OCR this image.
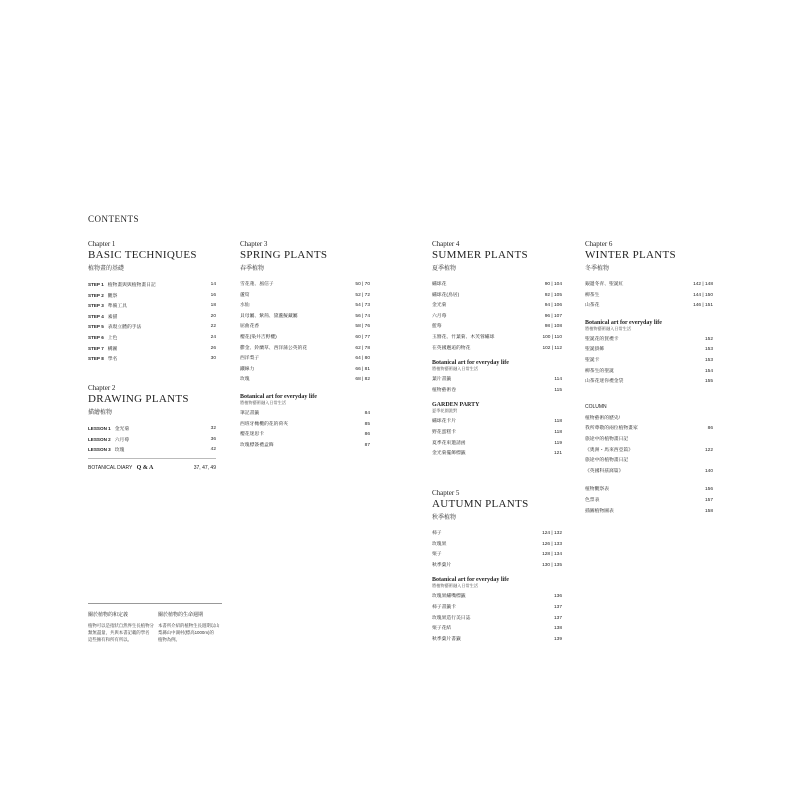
CONTENTS
Chapter 1
BASIC TECHNIQUES
植物畫的基礎
STEP 1 植物畫與與植物畫日記	14
STEP 2 觀察	16
STEP 3 準備工具	18
STEP 4 素描	20
STEP 5 表現立體的手法	22
STEP 6 上色	24
STEP 7 構圖	26
STEP 8 學名	30
Chapter 2
DRAWING PLANTS
描繪植物
LESSON 1 金光菊	32
LESSON 2 六月莓	36
LESSON 3 玫瑰	42
BOTANICAL DIARY Q & A	37, 47, 49
Chapter 3
SPRING PLANTS
春季植物
雪花蓮、風信子	50 | 70
蘆筍	52 | 72
水仙	54 | 73
貝母屬、紫荊、黛蘆擬藏屬	56 | 74
屈曲花香	58 | 76
櫻花(染井吉野櫻)	60 | 77
鬱金、鈴蘭草、西洋蒲公英的花	62 | 78
西洋梨子	64 | 80
鐵線力	66 | 81
玫瑰	68 | 82
Botanical art for everyday life
將植物藝術融入日常生活
筆記書籤	84
西班牙橄欖的花的荷夾	85
櫻花迷思卡	86
玫瑰標簽禮盒飾	87
Chapter 4
SUMMER PLANTS
夏季植物
繡球花	90 | 104
繡球花(鳥居)	92 | 105
金光菊	94 | 106
六月莓	96 | 107
藍莓	98 | 108
玉簪花、竹葉菊、木芙蓉繡球	100 | 110
在英國邂逅的物花	102 | 112
Botanical art for everyday life
將植物藝術融入日常生活
葉片書籤	114
植物藝術卷	115
GARDEN PARTY
夏季花園派對
繡球花卡片	118
野花蛋糕卡	118
夏季花束邀請函	119
金光菊擺飾標籤	121
Chapter 5
AUTUMN PLANTS
秋季植物
柿子	124 | 132
玫瑰果	126 | 133
栗子	128 | 134
秋季葉片	130 | 135
Botanical art for everyday life
將植物藝術融入日常生活
玫瑰果繡嘴標籤	136
柿子書籤卡	137
玫瑰果造行美日誌	137
栗子花結	138
秋季葉片書籤	139
Chapter 6
WINTER PLANTS
冬季植物
銀邊冬青、聖誕紅	142 | 148
柳茶生	144 | 150
山茶花	146 | 151
Botanical art for everyday life
將植物藝術融入日常生活
聖誕花的賀禮卡	152
聖誕掛飾	153
聖誕卡	153
柳茶生的聖誕	154
山茶花迷你禮金袋	155
COLUMN
植物藝術的歷史/
我所尊敬的兩位植物畫家	86
旅途中的植物畫日記
《奧洲・馬來西亞篇》	122
旅途中的植物畫日記
《英國科茲窩篇》	140
植物觀察表	156
色票表	157
插圖植物圖表	158
關於植物的和定義
植物可以是指狀自然界生長植物分
類無盡量，共與本書記載的學名
這些擁有和所有所以。
關於植物的生命週期
本書所介紹的植物生長週期以山
梨縣山中湖村(標高1000m)的
植物為例。
